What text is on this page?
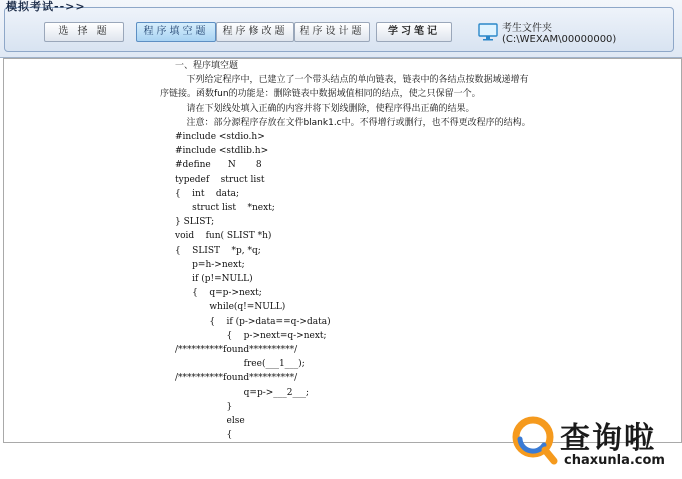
模拟考试-->>
选 择 题	程序填空题	程序修改题	程序设计题	学习笔记	考生文件夹 (C:\WEXAM\00000000)
一、程序填空题
下列给定程序中，已建立了一个带头结点的单向链表，链表中的各结点按数据域递增有
序链接。函数fun的功能是：删除链表中数据域值相同的结点，使之只保留一个。
请在下划线处填入正确的内容并将下划线删除，使程序得出正确的结果。
注意：部分源程序存放在文件blank1.c中。不得增行或删行，也不得更改程序的结构。
#include <stdio.h>
#include <stdlib.h>
#define      N       8
typedef    struct list
{    int    data;
struct list    *next;
} SLIST;
void    fun( SLIST *h)
{    SLIST    *p, *q;
p=h->next;
if (p!=NULL)
{    q=p->next;
while(q!=NULL)
{    if (p->data==q->data)
{    p->next=q->next;
/**********found**********/
free(___1___);
/**********found**********/
q=p->___2___;
}
else
{	查询啦
chaxunla.com
